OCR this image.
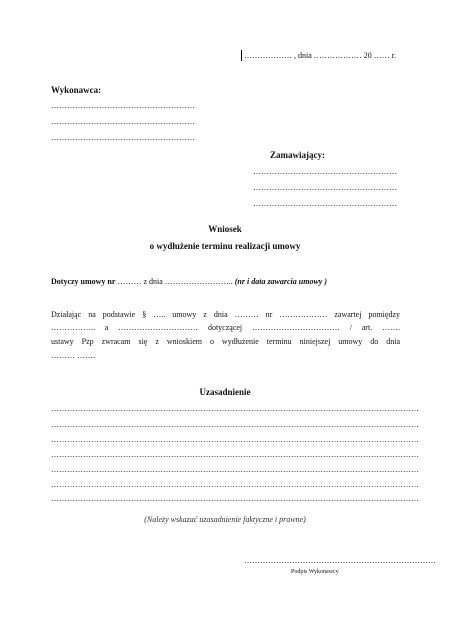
……………… , dnia ……………… 20 …… r.
Wykonawca:
………………………………………………
………………………………………………
………………………………………………
Zamawiający:
………………………………………………
………………………………………………
………………………………………………
Wniosek
o wydłużenie terminu realizacji umowy
Dotyczy umowy nr ……… z dnia …………………….. (nr i data zawarcia umowy )
Działając na podstawie § ….. umowy z dnia ……… nr ……………… zawartej pomiędzy
…………….. a ………………………… dotyczącej …………………………… / art. …….
ustawy Pzp zwracam się z wnioskiem o wydłużenie terminu niniejszej umowy do dnia
……… …….
Uzasadnienie
…………………………………………………………………………………………………………………………
…………………………………………………………………………………………………………………………
…………………………………………………………………………………………………………………………
…………………………………………………………………………………………………………………………
…………………………………………………………………………………………………………………………
…………………………………………………………………………………………………………………………
…………………………………………………………………………………………………………………………
(Należy wskazać uzasadnienie faktyczne i prawne)
………………………………………………………………
Podpis Wykonawcy
